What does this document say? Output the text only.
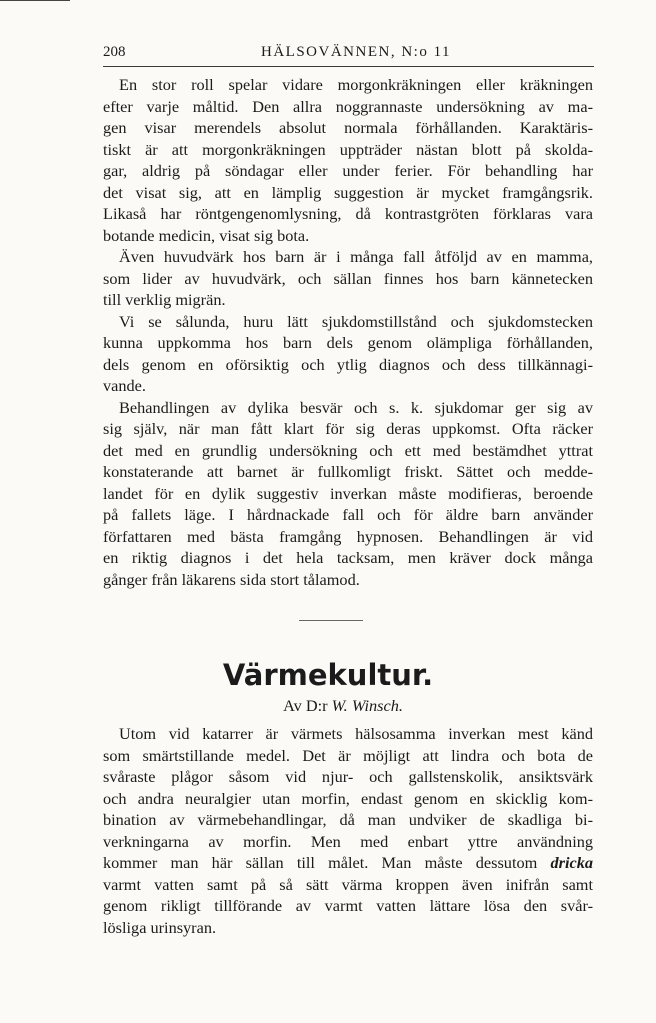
208	HÄLSOVÄNNEN, N:o 11
En stor roll spelar vidare morgonkräkningen eller kräkningen
efter varje måltid. Den allra noggrannaste undersökning av ma-
gen visar merendels absolut normala förhållanden. Karaktäris-
tiskt är att morgonkräkningen uppträder nästan blott på skolda-
gar, aldrig på söndagar eller under ferier. För behandling har
det visat sig, att en lämplig suggestion är mycket framgångsrik.
Likaså har röntgengenomlysning, då kontrastgröten förklaras vara
botande medicin, visat sig bota.
Även huvudvärk hos barn är i många fall åtföljd av en mamma,
som lider av huvudvärk, och sällan finnes hos barn kännetecken
till verklig migrän.
Vi se sålunda, huru lätt sjukdomstillstånd och sjukdomstecken
kunna uppkomma hos barn dels genom olämpliga förhållanden,
dels genom en oförsiktig och ytlig diagnos och dess tillkännagi-
vande.
Behandlingen av dylika besvär och s. k. sjukdomar ger sig av
sig själv, när man fått klart för sig deras uppkomst. Ofta räcker
det med en grundlig undersökning och ett med bestämdhet yttrat
konstaterande att barnet är fullkomligt friskt. Sättet och medde-
landet för en dylik suggestiv inverkan måste modifieras, beroende
på fallets läge. I hårdnackade fall och för äldre barn använder
författaren med bästa framgång hypnosen. Behandlingen är vid
en riktig diagnos i det hela tacksam, men kräver dock många
gånger från läkarens sida stort tålamod.
Värmekultur.
Av D:r W. Winsch.
Utom vid katarrer är värmets hälsosamma inverkan mest känd
som smärtstillande medel. Det är möjligt att lindra och bota de
svåraste plågor såsom vid njur- och gallstenskolik, ansiktsvärk
och andra neuralgier utan morfin, endast genom en skicklig kom-
bination av värmebehandlingar, då man undviker de skadliga bi-
verkningarna av morfin. Men med enbart yttre användning
kommer man här sällan till målet. Man måste dessutom dricka
varmt vatten samt på så sätt värma kroppen även inifrån samt
genom rikligt tillförande av varmt vatten lättare lösa den svår-
lösliga urinsyran.
